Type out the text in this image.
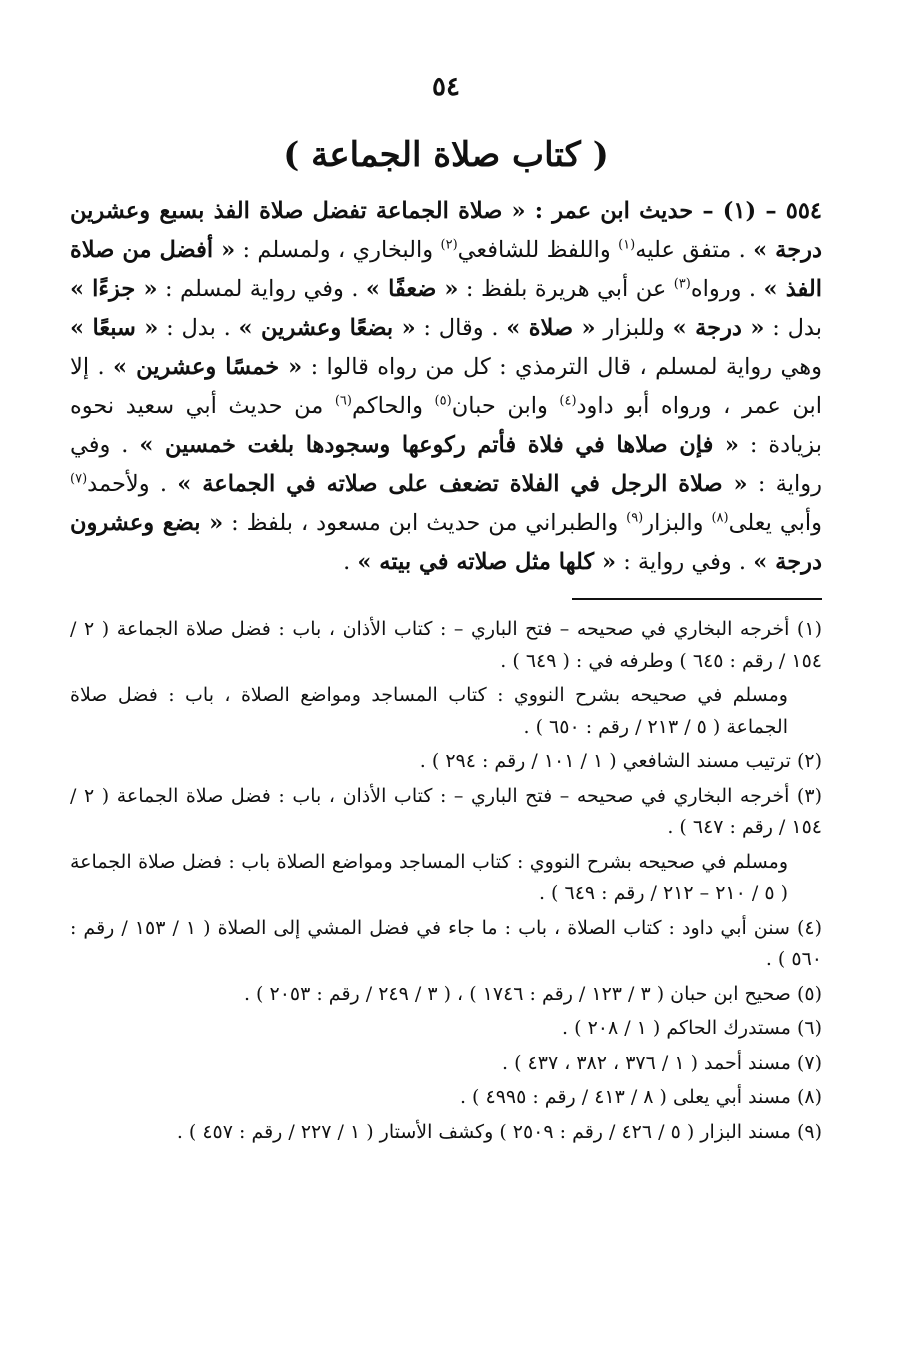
٥٤
( كتاب صلاة الجماعة )

٥٥٤ – (١) – حديث ابن عمر : « صلاة الجماعة تفضل صلاة الفذ بسبع وعشرين درجة » . متفق عليه$^{(١)}$ واللفظ للشافعي$^{(٢)}$ والبخاري ، ولمسلم : « أفضل من صلاة الفذ » . ورواه$^{(٣)}$ عن أبي هريرة بلفظ : « ضعفًا » . وفي رواية لمسلم : « جزءًا » بدل : « درجة » وللبزار « صلاة » . وقال : « بضعًا وعشرين » . بدل : « سبعًا » وهي رواية لمسلم ، قال الترمذي : كل من رواه قالوا : « خمسًا وعشرين » . إلا ابن عمر ، ورواه أبو داود$^{(٤)}$ وابن حبان$^{(٥)}$ والحاكم$^{(٦)}$ من حديث أبي سعيد نحوه بزيادة : « فإن صلاها في فلاة فأتم ركوعها وسجودها بلغت خمسين » . وفي رواية : « صلاة الرجل في الفلاة تضعف على صلاته في الجماعة » . ولأحمد$^{(٧)}$ وأبي يعلى$^{(٨)}$ والبزار$^{(٩)}$ والطبراني من حديث ابن مسعود ، بلفظ : « بضع وعشرون درجة » . وفي رواية : « كلها مثل صلاته في بيته » .

(١) أخرجه البخاري في صحيحه – فتح الباري – : كتاب الأذان ، باب : فضل صلاة الجماعة ( ٢ / ١٥٤ / رقم : ٦٤٥ ) وطرفه في : ( ٦٤٩ ) .
ومسلم في صحيحه بشرح النووي : كتاب المساجد ومواضع الصلاة ، باب : فضل صلاة الجماعة ( ٥ / ٢١٣ / رقم : ٦٥٠ ) .
(٢) ترتيب مسند الشافعي ( ١ / ١٠١ / رقم : ٢٩٤ ) .
(٣) أخرجه البخاري في صحيحه – فتح الباري – : كتاب الأذان ، باب : فضل صلاة الجماعة ( ٢ / ١٥٤ / رقم : ٦٤٧ ) .
ومسلم في صحيحه بشرح النووي : كتاب المساجد ومواضع الصلاة باب : فضل صلاة الجماعة ( ٥ / ٢١٠ – ٢١٢ / رقم : ٦٤٩ ) .
(٤) سنن أبي داود : كتاب الصلاة ، باب : ما جاء في فضل المشي إلى الصلاة ( ١ / ١٥٣ / رقم : ٥٦٠ ) .
(٥) صحيح ابن حبان ( ٣ / ١٢٣ / رقم : ١٧٤٦ ) ، ( ٣ / ٢٤٩ / رقم : ٢٠٥٣ ) .
(٦) مستدرك الحاكم ( ١ / ٢٠٨ ) .
(٧) مسند أحمد ( ١ / ٣٧٦ ، ٣٨٢ ، ٤٣٧ ) .
(٨) مسند أبي يعلى ( ٨ / ٤١٣ / رقم : ٤٩٩٥ ) .
(٩) مسند البزار ( ٥ / ٤٢٦ / رقم : ٢٥٠٩ ) وكشف الأستار ( ١ / ٢٢٧ / رقم : ٤٥٧ ) .
